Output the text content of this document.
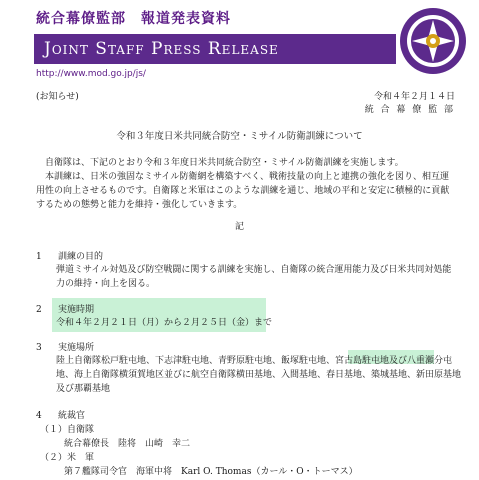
統合幕僚監部　報道発表資料
Joint Staff Press Release
http://www.mod.go.jp/js/
(お知らせ)	令和４年２月１４日
統 合 幕 僚 監 部
令和３年度日米共同統合防空・ミサイル防衛訓練について
自衛隊は、下記のとおり令和３年度日米共同統合防空・ミサイル防衛訓練を実施します。
本訓練は、日米の強固なミサイル防衛網を構築すべく、戦術技量の向上と連携の強化を図り、相互運用性の向上させるものです。自衛隊と米軍はこのような訓練を通じ、地域の平和と安定に積極的に貢献するための態勢と能力を維持・強化していきます。
記
1 訓練の目的
弾道ミサイル対処及び防空戦闘に関する訓練を実施し、自衛隊の統合運用能力及び日米共同対処能力の維持・向上を図る。
2 実施時期
令和４年２月２１日（月）から２月２５日（金）まで
3 実施場所
陸上自衛隊松戸駐屯地、下志津駐屯地、青野原駐屯地、飯塚駐屯地、宮古島駐屯地及び八重瀬分屯地、海上自衛隊横須賀地区並びに航空自衛隊横田基地、入間基地、春日基地、築城基地、新田原基地及び那覇基地
4 統裁官
（１）自衛隊
統合幕僚長　陸将　山崎　幸二
（２）米　軍
第７艦隊司令官　海軍中将　Karl O. Thomas（カール・O・トーマス）
